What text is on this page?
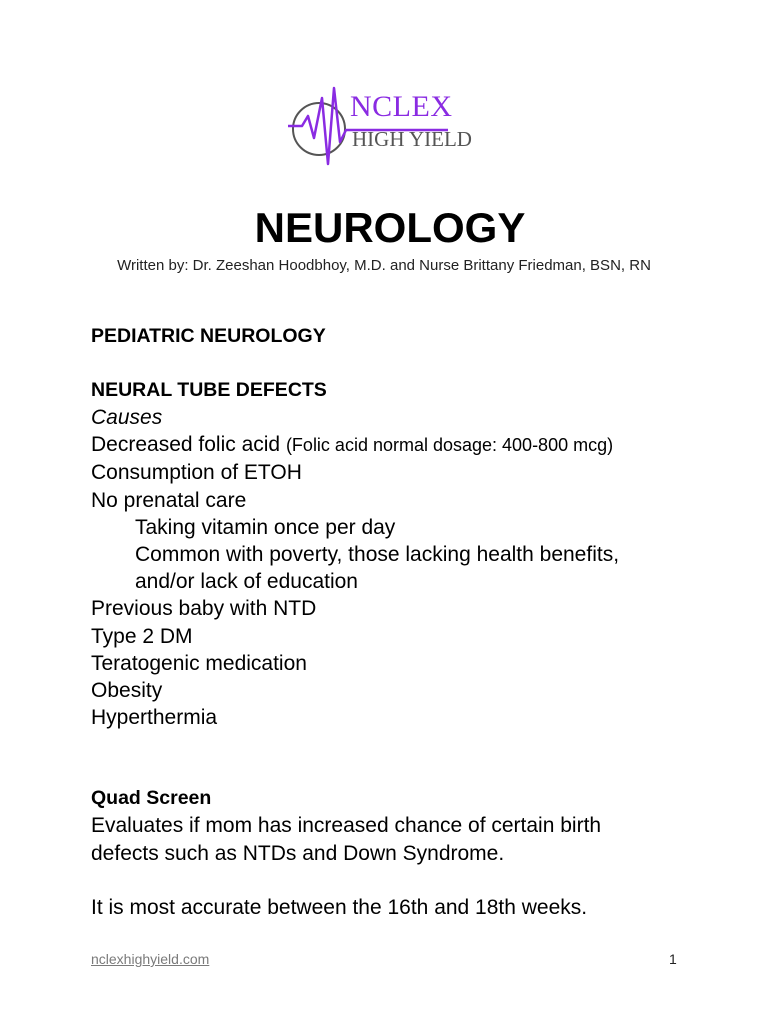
NCLEX
HIGH YIELD
NEUROLOGY
Written by: Dr. Zeeshan Hoodbhoy, M.D. and Nurse Brittany Friedman, BSN, RN
PEDIATRIC NEUROLOGY
NEURAL TUBE DEFECTS
Causes
Decreased folic acid (Folic acid normal dosage: 400-800 mcg)
Consumption of ETOH
No prenatal care
Taking vitamin once per day
Common with poverty, those lacking health benefits,
and/or lack of education
Previous baby with NTD
Type 2 DM
Teratogenic medication
Obesity
Hyperthermia
Quad Screen
Evaluates if mom has increased chance of certain birth
defects such as NTDs and Down Syndrome.
It is most accurate between the 16th and 18th weeks.
nclexhighyield.com	1
